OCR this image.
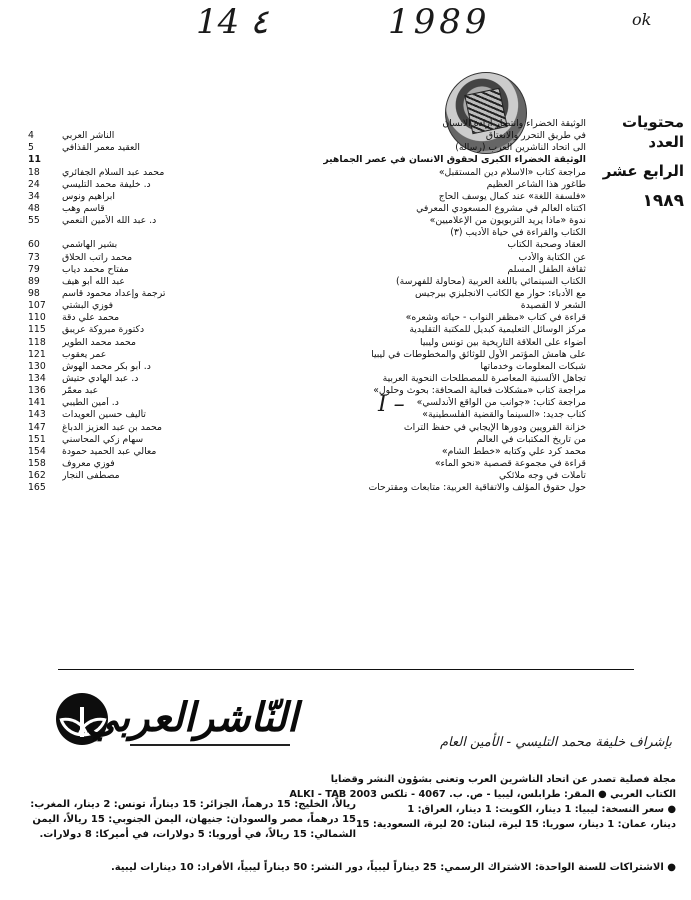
14 ٤	1989	ok
I –
محتويات العدد
الرابع عشر
١٩٨٩
الوثيقة الخضراء وانتصار ارادة الانسان
في طريق التحرر والانعتاق
الناشر العربي
4
الى اتحاد الناشرين العرب (رسالة)
العقيد معمر القذافي
5
الوثيقة الخضراء الكبرى لحقوق الانسان في عصر الجماهير
11
مراجعة كتاب «الاسلام دين المستقبل»
محمد عبد السلام الجفائري
18
طاغور هذا الشاعر العظيم
د. خليفة محمد التليسي
24
«فلسفة اللغة» عند كمال يوسف الحاج
ابراهيم ونوس
34
اكتناه العالم في مشروع المسعودي المعرفي
قاسم وهب
48
ندوة «ماذا يريد التربويون من الإعلاميين»
د. عبد الله الأمين النعمي
55
الكتاب والقراءة في حياة الأديب (٣)
العقاد وصحبة الكتاب
بشير الهاشمي
60
عن الكتابة والأدب
محمد راتب الحلاق
73
ثقافة الطفل المسلم
مفتاح محمد دياب
79
الكتاب السينمائي باللغة العربية (محاولة للفهرسة)
عبد الله أبو هيف
89
مع الأدباء: حوار مع الكاتب الانجليزي بيرجيس
ترجمة وإعداد محمود قاسم
98
الشعر لا القصيدة
فوزي البشتي
107
قراءة في كتاب «مظفر النواب - حياته وشعره»
محمد علي دقة
110
مركز الوسائل التعليمية كبديل للمكتبة التقليدية
دكتورة مبروكة عريبق
115
أضواء على العلاقة التاريخية بين تونس وليبيا
محمد محمد الطوير
118
على هامش المؤتمر الأول للوثائق والمخطوطات في ليبيا
عمر يعقوب
121
شبكات المعلومات وخدماتها
د. أبو بكر محمد الهوش
130
تجاهل الألسنية المعاصرة للمصطلحات النحوية العربية
د. عبد الهادي حتيش
134
مراجعة كتاب «مشكلات فعالية الصحافة: بحوث وحلول»
عبد معمّر
136
مراجعة كتاب: «جوانب من الواقع الأندلسي»
د. أمين الطيبي
141
كتاب جديد: «السينما والقضية الفلسطينية»
تأليف حسين العويدات
143
خزانة القرويين ودورها الإيجابي في حفظ التراث
محمد بن عبد العزيز الدباغ
147
من تاريخ المكتبات في العالم
سهام زكي المحاسني
151
محمد كرد علي وكتابه «خطط الشام»
معالي عبد الحميد حمودة
154
قراءة في مجموعة قصصية «نحو الماء»
فوزي معروف
158
تأملات في وجه ملائكي
مصطفى النجار
162
حول حقوق المؤلف والاتفاقية العربية: متابعات ومقترحات
165
النّاشرالعربي
بإشراف خليفة محمد التليسي - الأمين العام
مجلة فصلية تصدر عن اتحاد الناشرين العرب وتعنى بشؤون النشر وقضايا
الكتاب العربي ● المقر: طرابلس، ليبيا - ص. ب. 4067 - تلكس ALKI - TAB 2003
● سعر النسخة: ليبيا: 1 دينار، الكويت: 1 دينار، العراق: 1
دينار، عمان: 1 دينار، سوريا: 15 ليرة، لبنان: 20 ليرة، السعودية: 15
ريالاً، الخليج: 15 درهماً، الجزائر: 15 ديناراً، تونس: 2 دينار، المغرب:
15 درهماً، مصر والسودان: جنيهان، اليمن الجنوبي: 15 ريالاً، اليمن
الشمالي: 15 ريالاً، في أوروبا: 5 دولارات، في أميركا: 8 دولارات.
● الاشتراكات للسنة الواحدة: الاشتراك الرسمي: 25 ديناراً ليبياً، دور النشر: 50 ديناراً ليبياً، الأفراد: 10 دينارات ليبية.
